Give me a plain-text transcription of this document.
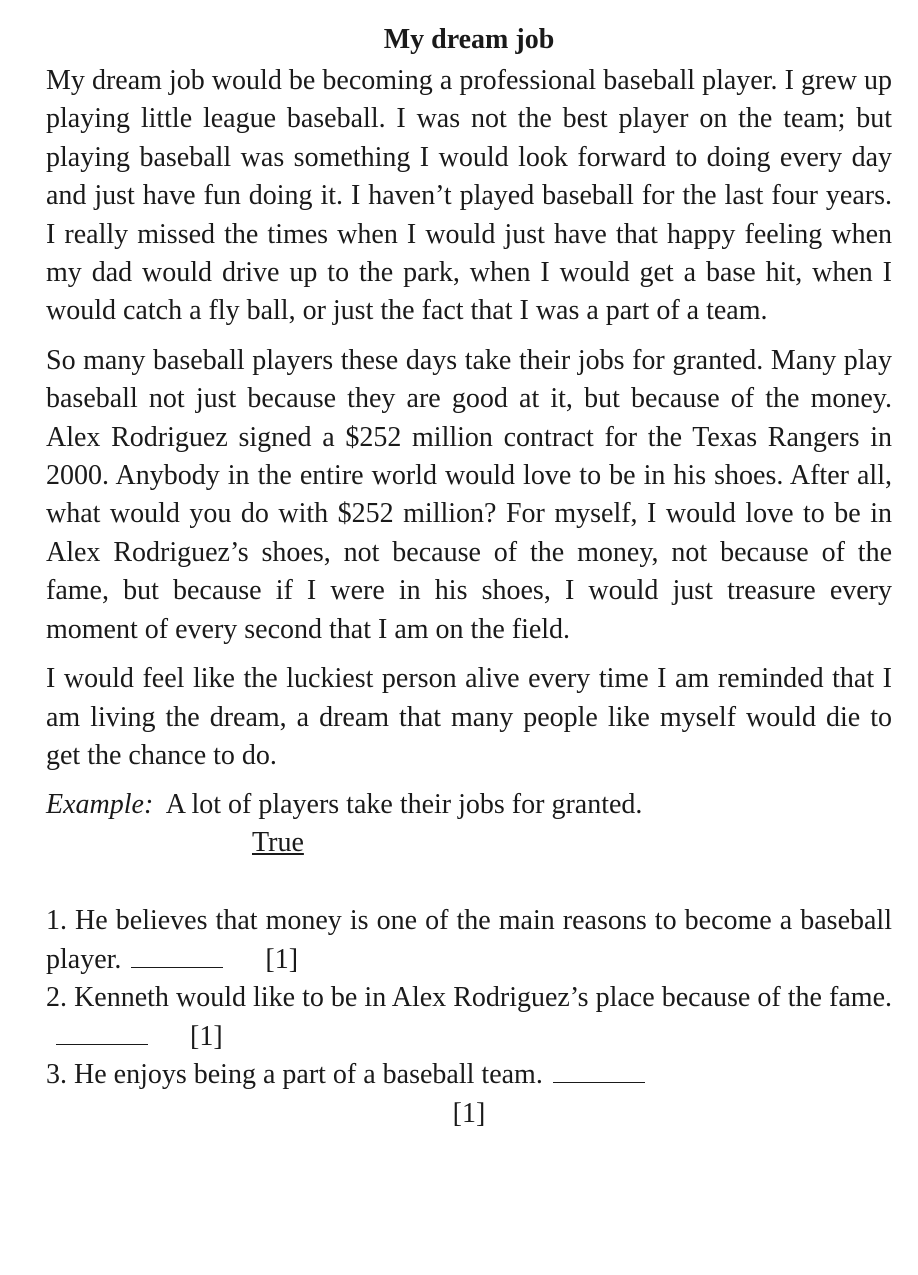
My dream job

My dream job would be becoming a professional baseball player. I grew up playing little league baseball. I was not the best player on the team; but playing baseball was something I would look forward to doing every day and just have fun doing it. I haven’t played baseball for the last four years. I really missed the times when I would just have that happy feeling when my dad would drive up to the park, when I would get a base hit, when I would catch a fly ball, or just the fact that I was a part of a team.

So many baseball players these days take their jobs for granted. Many play baseball not just because they are good at it, but because of the money. Alex Rodriguez signed a $252 million contract for the Texas Rangers in 2000. Anybody in the entire world would love to be in his shoes. After all, what would you do with $252 million? For myself, I would love to be in Alex Rodriguez’s shoes, not because of the money, not because of the fame, but because if I were in his shoes, I would just treasure every moment of every second that I am on the field.

I would feel like the luckiest person alive every time I am reminded that I am living the dream, a dream that many people like myself would die to get the chance to do.

Example: A lot of players take their jobs for granted.

True

1. He believes that money is one of the main reasons to become a baseball player.	[1]

2. Kenneth would like to be in Alex Rodriguez’s place because of the fame.[1]

3. He enjoys being a part of a baseball team.

[1]
